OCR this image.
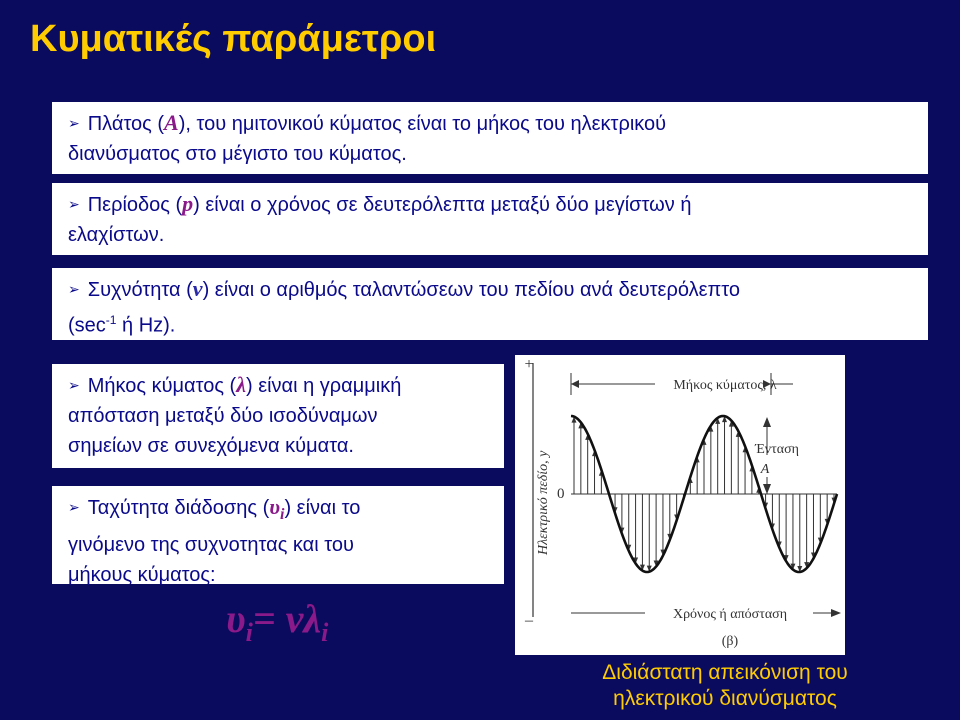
Κυματικές παράμετροι
➢ Πλάτος (A), του ημιτονικού κύματος είναι το μήκος του ηλεκτρικού
διανύσματος στο μέγιστο του κύματος.
➢ Περίοδος (p) είναι ο χρόνος σε δευτερόλεπτα μεταξύ δύο μεγίστων ή
ελαχίστων.
➢ Συχνότητα (ν) είναι ο αριθμός ταλαντώσεων του πεδίου ανά δευτερόλεπτο
($\sec^{-1}$ ή Hz).
➢ Μήκος κύματος (λ) είναι η γραμμική
απόσταση μεταξύ δύο ισοδύναμων
σημείων σε συνεχόμενα κύματα.
➢ Ταχύτητα διάδοσης $(\upsilon_i)$ είναι το
γινόμενο της συχνοτητας και του
μήκους κύματος:
$\upsilon_i= \nu\lambda_i$
+
–
Ηλεκτρικό πεδίο, y 0
Μήκος κύματος, λ
Ένταση
A
Χρόνος ή απόσταση
(β)
Διδιάστατη απεικόνιση του
ηλεκτρικού διανύσματος
